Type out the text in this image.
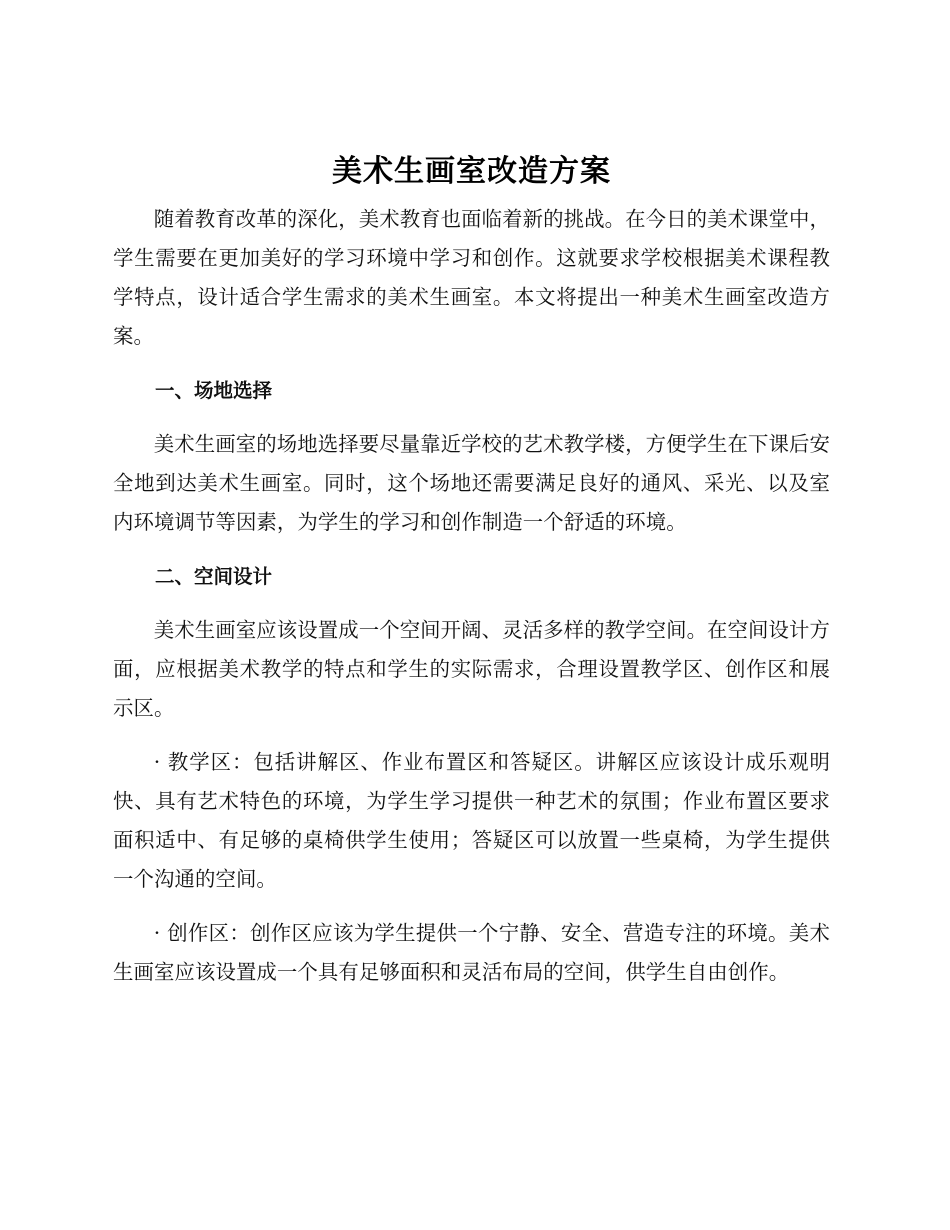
美术生画室改造方案

随着教育改革的深化，美术教育也面临着新的挑战。在今日的美术课堂中，学生需要在更加美好的学习环境中学习和创作。这就要求学校根据美术课程教学特点，设计适合学生需求的美术生画室。本文将提出一种美术生画室改造方案。

一、场地选择

美术生画室的场地选择要尽量靠近学校的艺术教学楼，方便学生在下课后安全地到达美术生画室。同时，这个场地还需要满足良好的通风、采光、以及室内环境调节等因素，为学生的学习和创作制造一个舒适的环境。

二、空间设计

美术生画室应该设置成一个空间开阔、灵活多样的教学空间。在空间设计方面，应根据美术教学的特点和学生的实际需求，合理设置教学区、创作区和展示区。

· 教学区：包括讲解区、作业布置区和答疑区。讲解区应该设计成乐观明快、具有艺术特色的环境，为学生学习提供一种艺术的氛围；作业布置区要求面积适中、有足够的桌椅供学生使用；答疑区可以放置一些桌椅，为学生提供一个沟通的空间。

· 创作区：创作区应该为学生提供一个宁静、安全、营造专注的环境。美术生画室应该设置成一个具有足够面积和灵活布局的空间，供学生自由创作。
